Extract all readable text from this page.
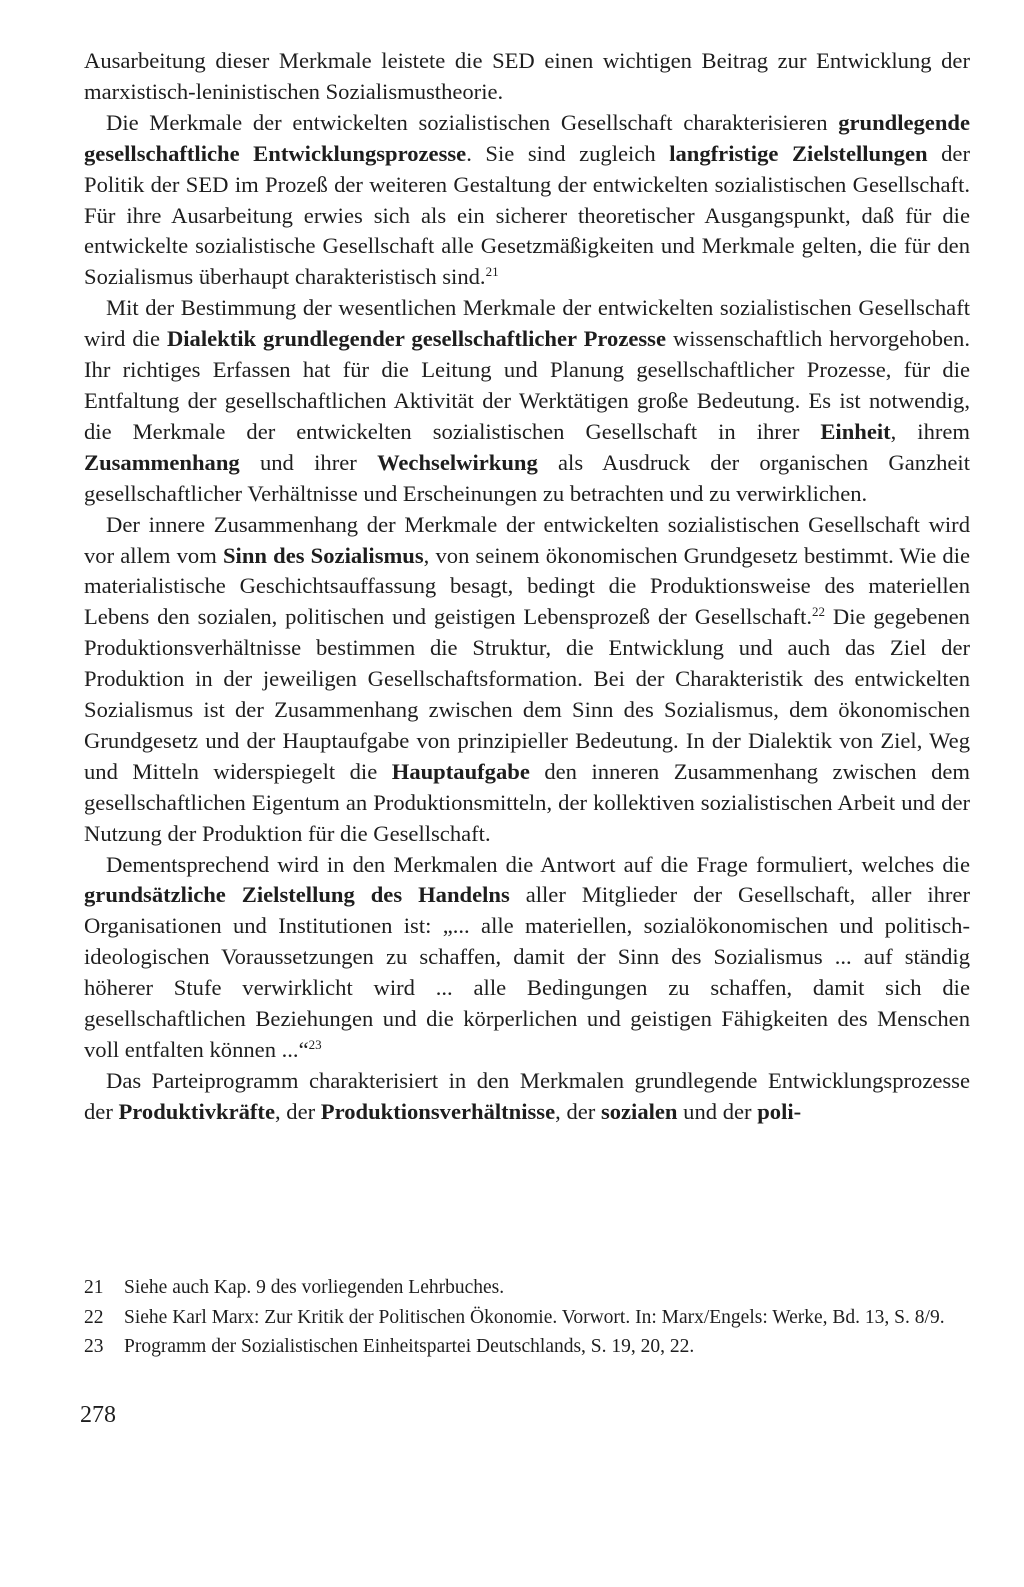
Ausarbeitung dieser Merkmale leistete die SED einen wichtigen Beitrag zur Entwicklung der marxistisch-leninistischen Sozialismustheorie.

Die Merkmale der entwickelten sozialistischen Gesellschaft charakterisieren grundlegende gesellschaftliche Entwicklungsprozesse. Sie sind zugleich langfristige Zielstellungen der Politik der SED im Prozeß der weiteren Gestaltung der entwickelten sozialistischen Gesellschaft. Für ihre Ausarbeitung erwies sich als ein sicherer theoretischer Ausgangspunkt, daß für die entwickelte sozialistische Gesellschaft alle Gesetzmäßigkeiten und Merkmale gelten, die für den Sozialismus überhaupt charakteristisch sind.$^{21}$

Mit der Bestimmung der wesentlichen Merkmale der entwickelten sozialistischen Gesellschaft wird die Dialektik grundlegender gesellschaftlicher Prozesse wissenschaftlich hervorgehoben. Ihr richtiges Erfassen hat für die Leitung und Planung gesellschaftlicher Prozesse, für die Entfaltung der gesellschaftlichen Aktivität der Werktätigen große Bedeutung. Es ist notwendig, die Merkmale der entwickelten sozialistischen Gesellschaft in ihrer Einheit, ihrem Zusammenhang und ihrer Wechselwirkung als Ausdruck der organischen Ganzheit gesellschaftlicher Verhältnisse und Erscheinungen zu betrachten und zu verwirklichen.

Der innere Zusammenhang der Merkmale der entwickelten sozialistischen Gesellschaft wird vor allem vom Sinn des Sozialismus, von seinem ökonomischen Grundgesetz bestimmt. Wie die materialistische Geschichtsauffassung besagt, bedingt die Produktionsweise des materiellen Lebens den sozialen, politischen und geistigen Lebensprozeß der Gesellschaft.$^{22}$ Die gegebenen Produktionsverhältnisse bestimmen die Struktur, die Entwicklung und auch das Ziel der Produktion in der jeweiligen Gesellschaftsformation. Bei der Charakteristik des entwickelten Sozialismus ist der Zusammenhang zwischen dem Sinn des Sozialismus, dem ökonomischen Grundgesetz und der Hauptaufgabe von prinzipieller Bedeutung. In der Dialektik von Ziel, Weg und Mitteln widerspiegelt die Hauptaufgabe den inneren Zusammenhang zwischen dem gesellschaftlichen Eigentum an Produktionsmitteln, der kollektiven sozialistischen Arbeit und der Nutzung der Produktion für die Gesellschaft.

Dementsprechend wird in den Merkmalen die Antwort auf die Frage formuliert, welches die grundsätzliche Zielstellung des Handelns aller Mitglieder der Gesellschaft, aller ihrer Organisationen und Institutionen ist: „... alle materiellen, sozialökonomischen und politisch-ideologischen Voraussetzungen zu schaffen, damit der Sinn des Sozialismus ... auf ständig höherer Stufe verwirklicht wird ... alle Bedingungen zu schaffen, damit sich die gesellschaftlichen Beziehungen und die körperlichen und geistigen Fähigkeiten des Menschen voll entfalten können ...“$^{23}$

Das Parteiprogramm charakterisiert in den Merkmalen grundlegende Entwicklungsprozesse der Produktivkräfte, der Produktionsverhältnisse, der sozialen und der poli-

21	Siehe auch Kap. 9 des vorliegenden Lehrbuches.
22	Siehe Karl Marx: Zur Kritik der Politischen Ökonomie. Vorwort. In: Marx/Engels: Werke, Bd. 13, S. 8/9.
23	Programm der Sozialistischen Einheitspartei Deutschlands, S. 19, 20, 22.
278
